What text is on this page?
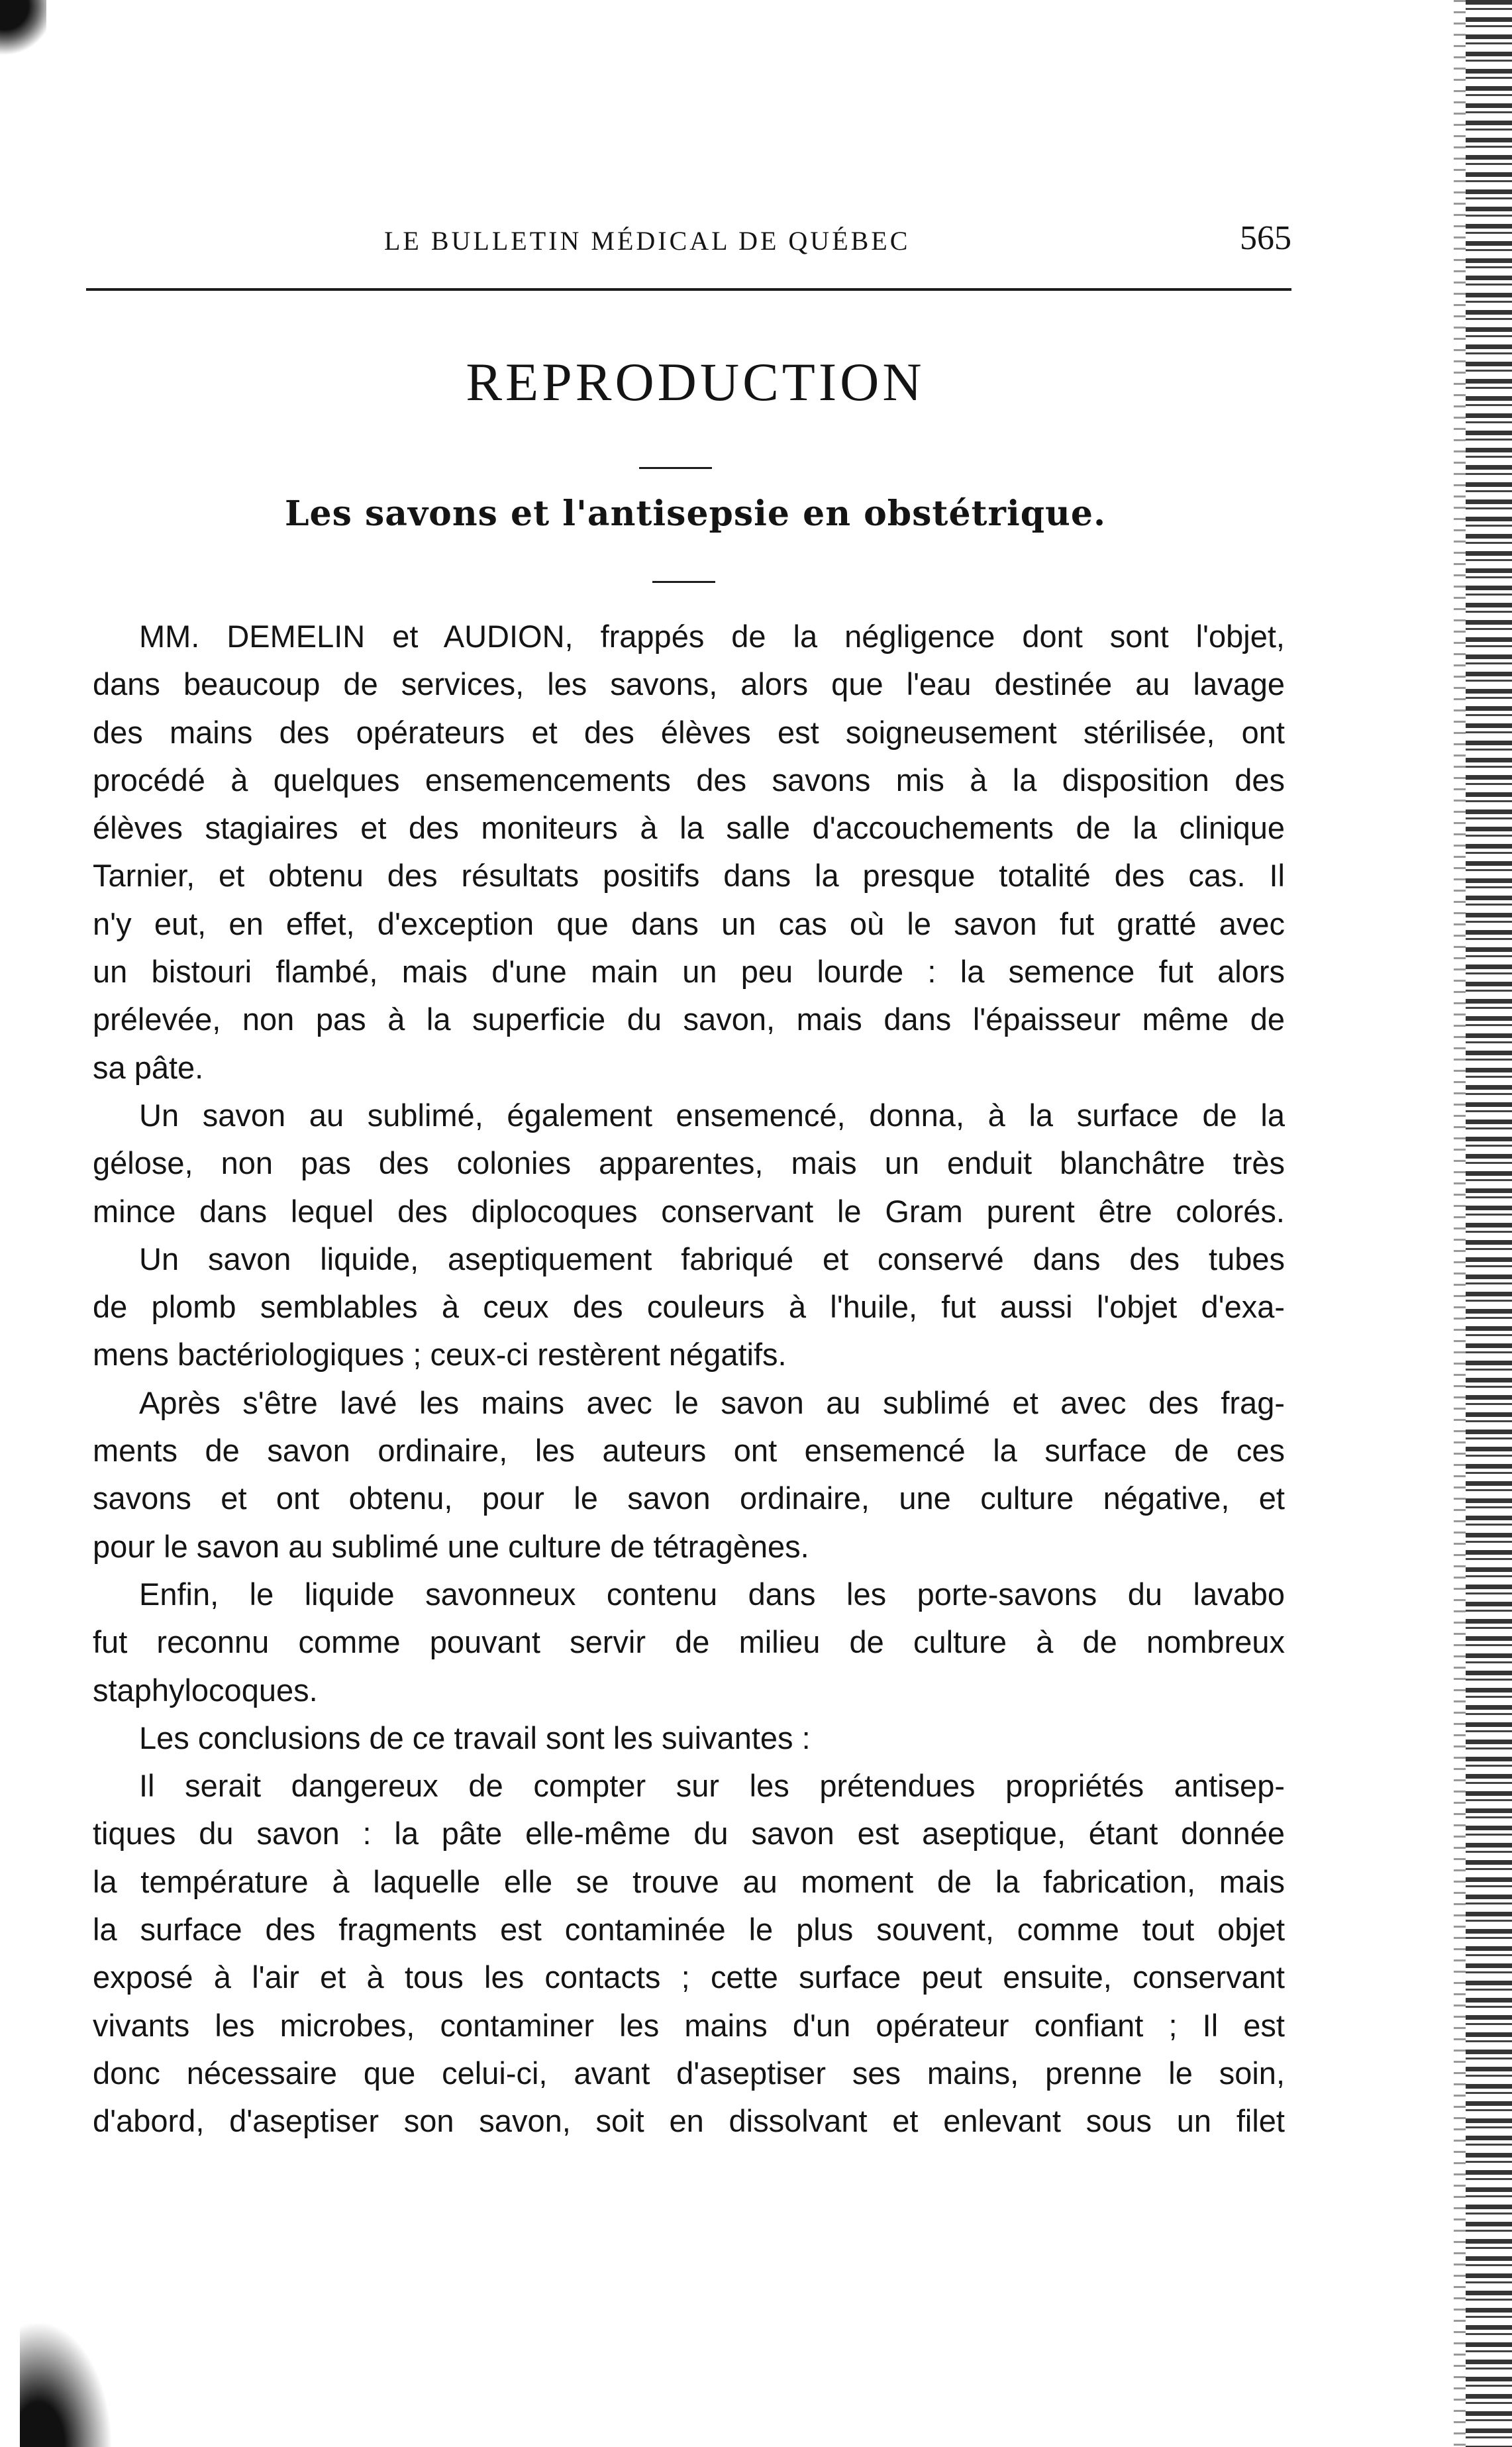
LE BULLETIN MÉDICAL DE QUÉBEC	565
REPRODUCTION
Les savons et l'antisepsie en obstétrique.
MM. DEMELIN et AUDION, frappés de la négligence dont sont l'objet,
dans beaucoup de services, les savons, alors que l'eau destinée au lavage
des mains des opérateurs et des élèves est soigneusement stérilisée, ont
procédé à quelques ensemencements des savons mis à la disposition des
élèves stagiaires et des moniteurs à la salle d'accouchements de la clinique
Tarnier, et obtenu des résultats positifs dans la presque totalité des cas. Il
n'y eut, en effet, d'exception que dans un cas où le savon fut gratté avec
un bistouri flambé, mais d'une main un peu lourde : la semence fut alors
prélevée, non pas à la superficie du savon, mais dans l'épaisseur même de
sa pâte.
Un savon au sublimé, également ensemencé, donna, à la surface de la
gélose, non pas des colonies apparentes, mais un enduit blanchâtre très
mince dans lequel des diplocoques conservant le Gram purent être colorés.
Un savon liquide, aseptiquement fabriqué et conservé dans des tubes
de plomb semblables à ceux des couleurs à l'huile, fut aussi l'objet d'exa-
mens bactériologiques ; ceux-ci restèrent négatifs.
Après s'être lavé les mains avec le savon au sublimé et avec des frag-
ments de savon ordinaire, les auteurs ont ensemencé la surface de ces
savons et ont obtenu, pour le savon ordinaire, une culture négative, et
pour le savon au sublimé une culture de tétragènes.
Enfin, le liquide savonneux contenu dans les porte-savons du lavabo
fut reconnu comme pouvant servir de milieu de culture à de nombreux
staphylocoques.
Les conclusions de ce travail sont les suivantes :
Il serait dangereux de compter sur les prétendues propriétés antisep-
tiques du savon : la pâte elle-même du savon est aseptique, étant donnée
la température à laquelle elle se trouve au moment de la fabrication, mais
la surface des fragments est contaminée le plus souvent, comme tout objet
exposé à l'air et à tous les contacts ; cette surface peut ensuite, conservant
vivants les microbes, contaminer les mains d'un opérateur confiant ; Il est
donc nécessaire que celui-ci, avant d'aseptiser ses mains, prenne le soin,
d'abord, d'aseptiser son savon, soit en dissolvant et enlevant sous un filet
